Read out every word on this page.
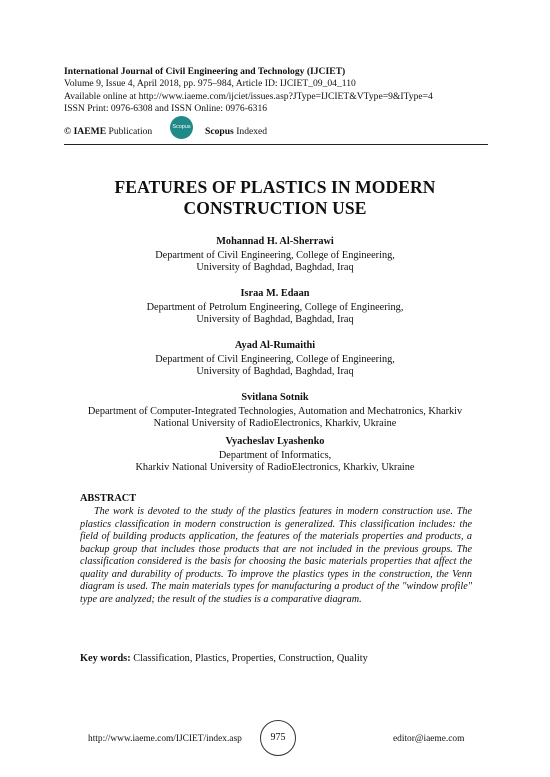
International Journal of Civil Engineering and Technology (IJCIET)
Volume 9, Issue 4, April 2018, pp. 975–984, Article ID: IJCIET_09_04_110
Available online at http://www.iaeme.com/ijciet/issues.asp?JType=IJCIET&VType=9&IType=4
ISSN Print: 0976-6308 and ISSN Online: 0976-6316
© IAEME Publication	Scopus Scopus Indexed
FEATURES OF PLASTICS IN MODERN
CONSTRUCTION USE
Mohannad H. Al-Sherrawi
Department of Civil Engineering, College of Engineering,
University of Baghdad, Baghdad, Iraq
Israa M. Edaan
Department of Petrolum Engineering, College of Engineering,
University of Baghdad, Baghdad, Iraq
Ayad Al-Rumaithi
Department of Civil Engineering, College of Engineering,
University of Baghdad, Baghdad, Iraq
Svitlana Sotnik
Department of Computer-Integrated Technologies, Automation and Mechatronics, Kharkiv
National University of RadioElectronics, Kharkiv, Ukraine
Vyacheslav Lyashenko
Department of Informatics,
Kharkiv National University of RadioElectronics, Kharkiv, Ukraine
ABSTRACT
The work is devoted to the study of the plastics features in modern construction use. The plastics classification in modern construction is generalized. This classification includes: the field of building products application, the features of the materials properties and products, a backup group that includes those products that are not included in the previous groups. The classification considered is the basis for choosing the basic materials properties that affect the quality and durability of products. To improve the plastics types in the construction, the Venn diagram is used. The main materials types for manufacturing a product of the "window profile" type are analyzed; the result of the studies is a comparative diagram.
Key words: Classification, Plastics, Properties, Construction, Quality
http://www.iaeme.com/IJCIET/index.asp	975	editor@iaeme.com
